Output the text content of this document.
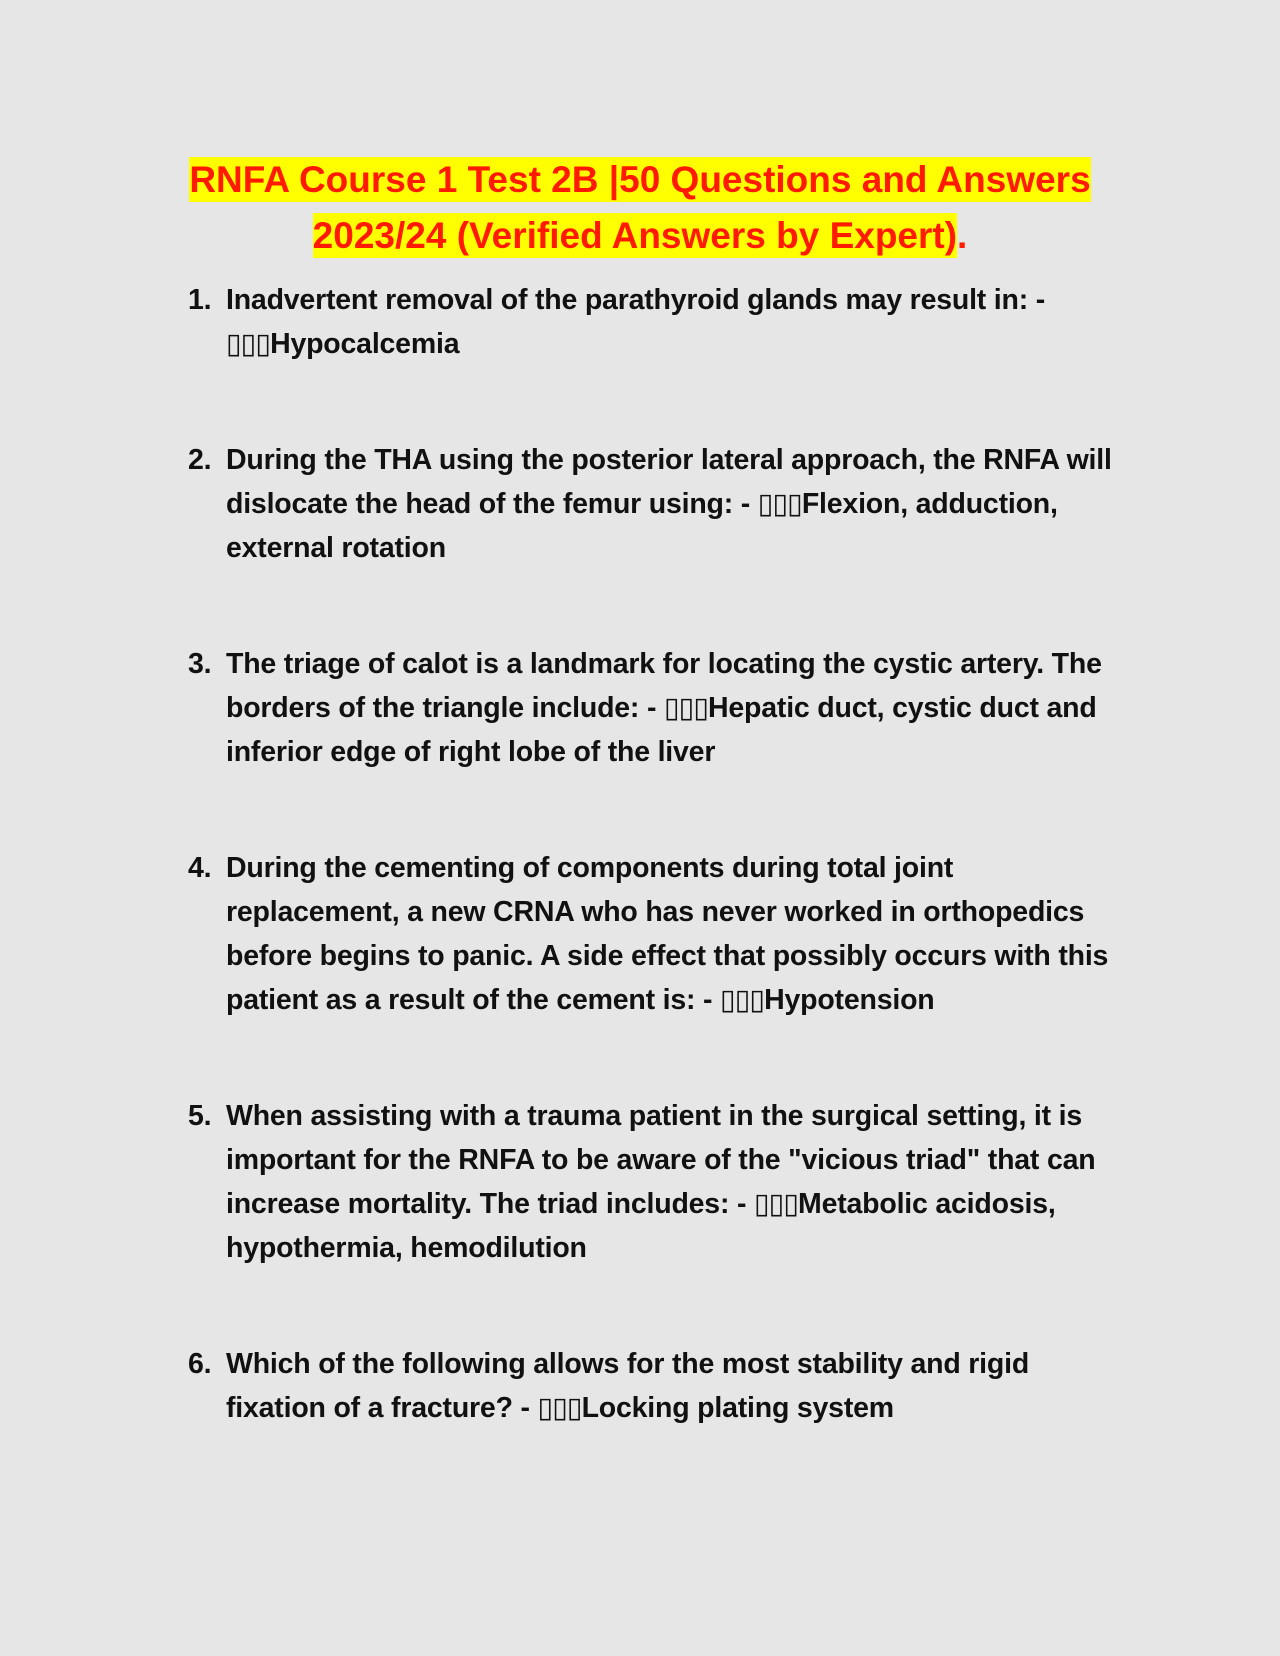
RNFA Course 1 Test 2B |50 Questions and Answers
2023/24 (Verified Answers by Expert).
1. Inadvertent removal of the parathyroid glands may result in: -
▯▯▯Hypocalcemia
2. During the THA using the posterior lateral approach, the RNFA will dislocate the head of the femur using: - ▯▯▯Flexion, adduction, external rotation
3. The triage of calot is a landmark for locating the cystic artery. The borders of the triangle include: - ▯▯▯Hepatic duct, cystic duct and inferior edge of right lobe of the liver
4. During the cementing of components during total joint replacement, a new CRNA who has never worked in orthopedics before begins to panic. A side effect that possibly occurs with this patient as a result of the cement is: - ▯▯▯Hypotension
5. When assisting with a trauma patient in the surgical setting, it is important for the RNFA to be aware of the "vicious triad" that can increase mortality. The triad includes: - ▯▯▯Metabolic acidosis, hypothermia, hemodilution
6. Which of the following allows for the most stability and rigid fixation of a fracture? - ▯▯▯Locking plating system
